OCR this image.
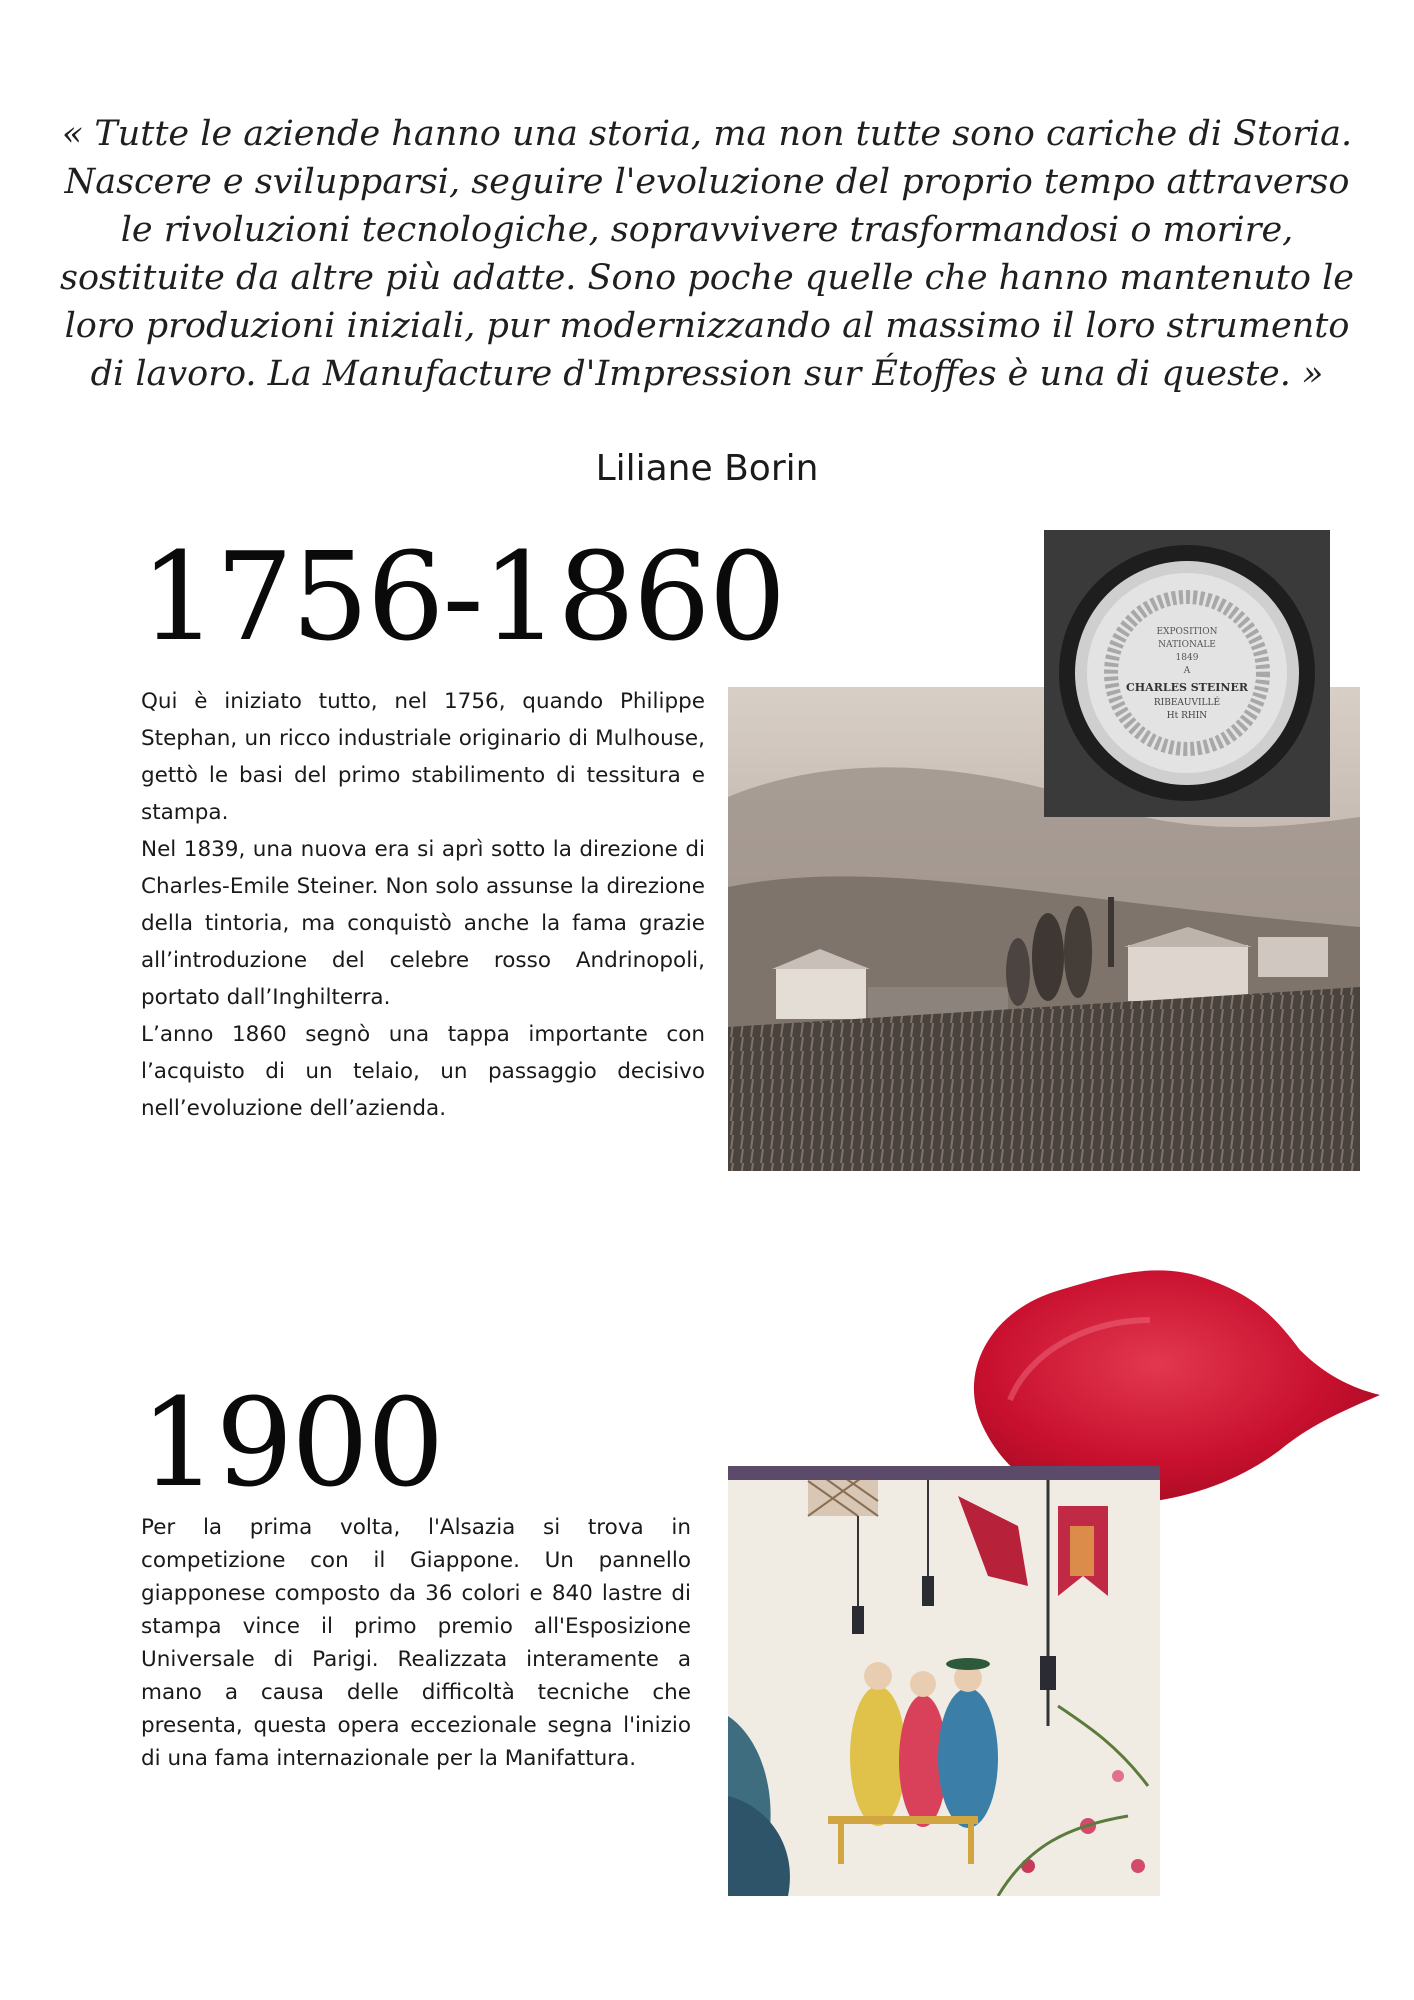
« Tutte le aziende hanno una storia, ma non tutte sono cariche di Storia.
Nascere e svilupparsi, seguire l'evoluzione del proprio tempo attraverso
le rivoluzioni tecnologiche, sopravvivere trasformandosi o morire,
sostituite da altre più adatte. Sono poche quelle che hanno mantenuto le
loro produzioni iniziali, pur modernizzando al massimo il loro strumento
di lavoro. La Manufacture d'Impression sur Étoffes è una di queste. »
Liliane Borin
1756-1860

Qui è iniziato tutto, nel 1756, quando Philippe Stephan, un ricco industriale originario di Mulhouse, gettò le basi del primo stabilimento di tessitura e stampa.

Nel 1839, una nuova era si aprì sotto la direzione di Charles-Emile Steiner. Non solo assunse la direzione della tintoria, ma conquistò anche la fama grazie all’introduzione del celebre rosso Andrinopoli, portato dall’Inghilterra.

L’anno 1860 segnò una tappa importante con l’acquisto di un telaio, un passaggio decisivo nell’evoluzione dell’azienda.

EXPOSITION
NATIONALE
1849
A
CHARLES STEINER
RIBEAUVILLÉ
Ht RHIN
1900

Per la prima volta, l'Alsazia si trova in competizione con il Giappone. Un pannello giapponese composto da 36 colori e 840 lastre di stampa vince il primo premio all'Esposizione Universale di Parigi. Realizzata interamente a mano a causa delle difficoltà tecniche che presenta, questa opera eccezionale segna l'inizio di una fama internazionale per la Manifattura.
